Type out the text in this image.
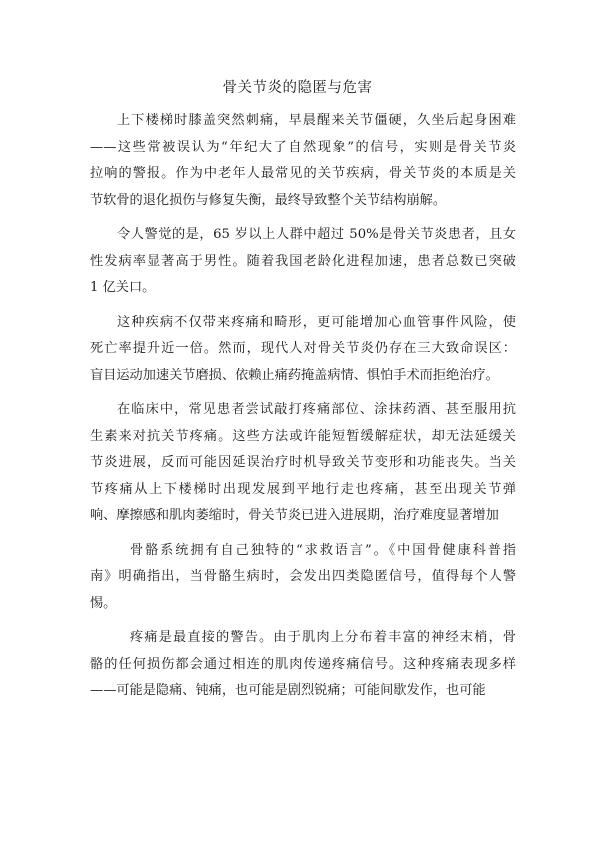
骨关节炎的隐匿与危害

上下楼梯时膝盖突然刺痛，早晨醒来关节僵硬，久坐后起身困难
——这些常被误认为“年纪大了自然现象”的信号，实则是骨关节炎
拉响的警报。作为中老年人最常见的关节疾病，骨关节炎的本质是关
节软骨的退化损伤与修复失衡，最终导致整个关节结构崩解。

令人警觉的是，65 岁以上人群中超过 50%是骨关节炎患者，且女
性发病率显著高于男性。随着我国老龄化进程加速，患者总数已突破
1 亿关口。

这种疾病不仅带来疼痛和畸形，更可能增加心血管事件风险，使
死亡率提升近一倍。然而，现代人对骨关节炎仍存在三大致命误区：
盲目运动加速关节磨损、依赖止痛药掩盖病情、惧怕手术而拒绝治疗。

在临床中，常见患者尝试敲打疼痛部位、涂抹药酒、甚至服用抗
生素来对抗关节疼痛。这些方法或许能短暂缓解症状，却无法延缓关
节炎进展，反而可能因延误治疗时机导致关节变形和功能丧失。当关
节疼痛从上下楼梯时出现发展到平地行走也疼痛，甚至出现关节弹
响、摩擦感和肌肉萎缩时，骨关节炎已进入进展期，治疗难度显著增加

骨骼系统拥有自己独特的“求救语言”。《中国骨健康科普指
南》明确指出，当骨骼生病时，会发出四类隐匿信号，值得每个人警
惕。

疼痛是最直接的警告。由于肌肉上分布着丰富的神经末梢，骨
骼的任何损伤都会通过相连的肌肉传递疼痛信号。这种疼痛表现多样
——可能是隐痛、钝痛，也可能是剧烈锐痛；可能间歇发作，也可能
